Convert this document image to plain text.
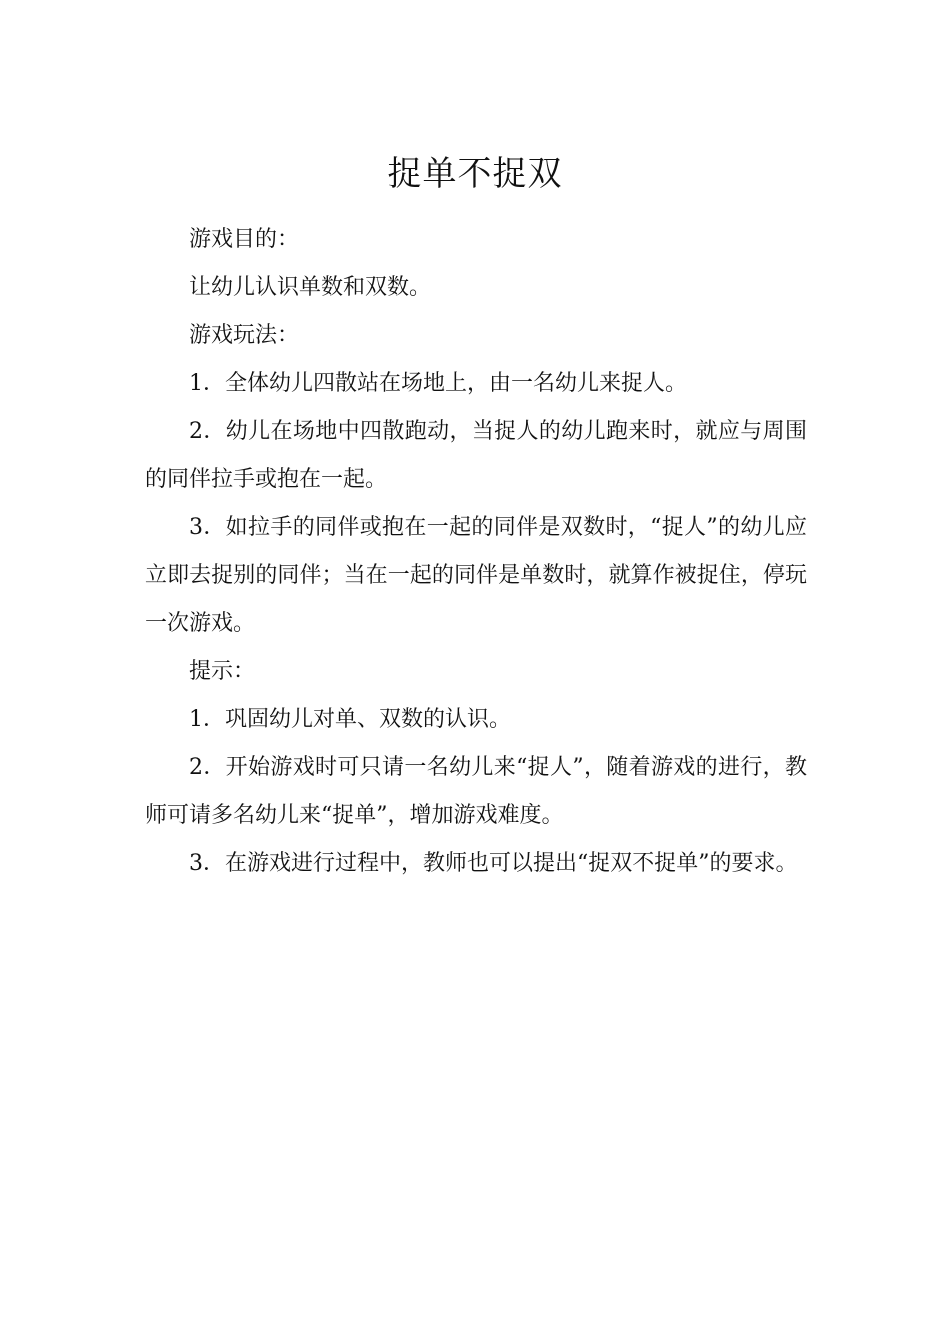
捉单不捉双

游戏目的：

让幼儿认识单数和双数。

游戏玩法：

1．全体幼儿四散站在场地上，由一名幼儿来捉人。

2．幼儿在场地中四散跑动，当捉人的幼儿跑来时，就应与周围的同伴拉手或抱在一起。

3．如拉手的同伴或抱在一起的同伴是双数时，“捉人”的幼儿应立即去捉别的同伴；当在一起的同伴是单数时，就算作被捉住，停玩一次游戏。

提示：

1．巩固幼儿对单、双数的认识。

2．开始游戏时可只请一名幼儿来“捉人”，随着游戏的进行，教师可请多名幼儿来“捉单”，增加游戏难度。

3．在游戏进行过程中，教师也可以提出“捉双不捉单”的要求。
